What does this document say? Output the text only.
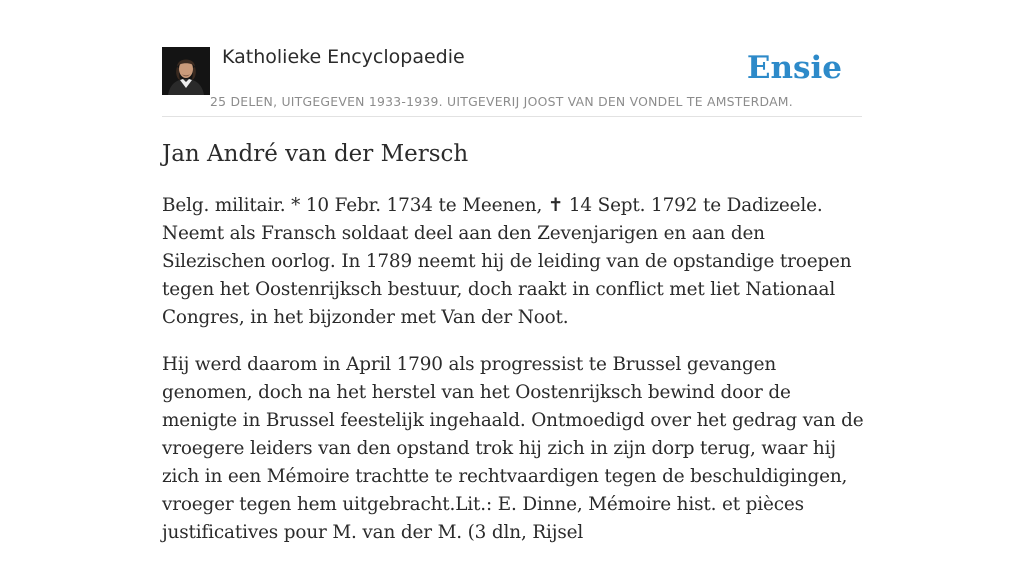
Katholieke Encyclopaedie
25 DELEN, UITGEGEVEN 1933-1939. UITGEVERIJ JOOST VAN DEN VONDEL TE AMSTERDAM.
Ensie
Jan André van der Mersch

Belg. militair. * 10 Febr. 1734 te Meenen, ✝ 14 Sept. 1792 te Dadizeele. Neemt als Fransch soldaat deel aan den Zevenjarigen en aan den Silezischen oorlog. In 1789 neemt hij de leiding van de opstandige troepen tegen het Oostenrijksch bestuur, doch raakt in conflict met liet Nationaal Congres, in het bijzonder met Van der Noot.

Hij werd daarom in April 1790 als progressist te Brussel gevangen genomen, doch na het herstel van het Oostenrijksch bewind door de menigte in Brussel feestelijk ingehaald. Ontmoedigd over het gedrag van de vroegere leiders van den opstand trok hij zich in zijn dorp terug, waar hij zich in een Mémoire trachtte te rechtvaardigen tegen de beschuldigingen, vroeger tegen hem uitgebracht.Lit.: E. Dinne, Mémoire hist. et pièces justificatives pour M. van der M. (3 dln, Rijsel
